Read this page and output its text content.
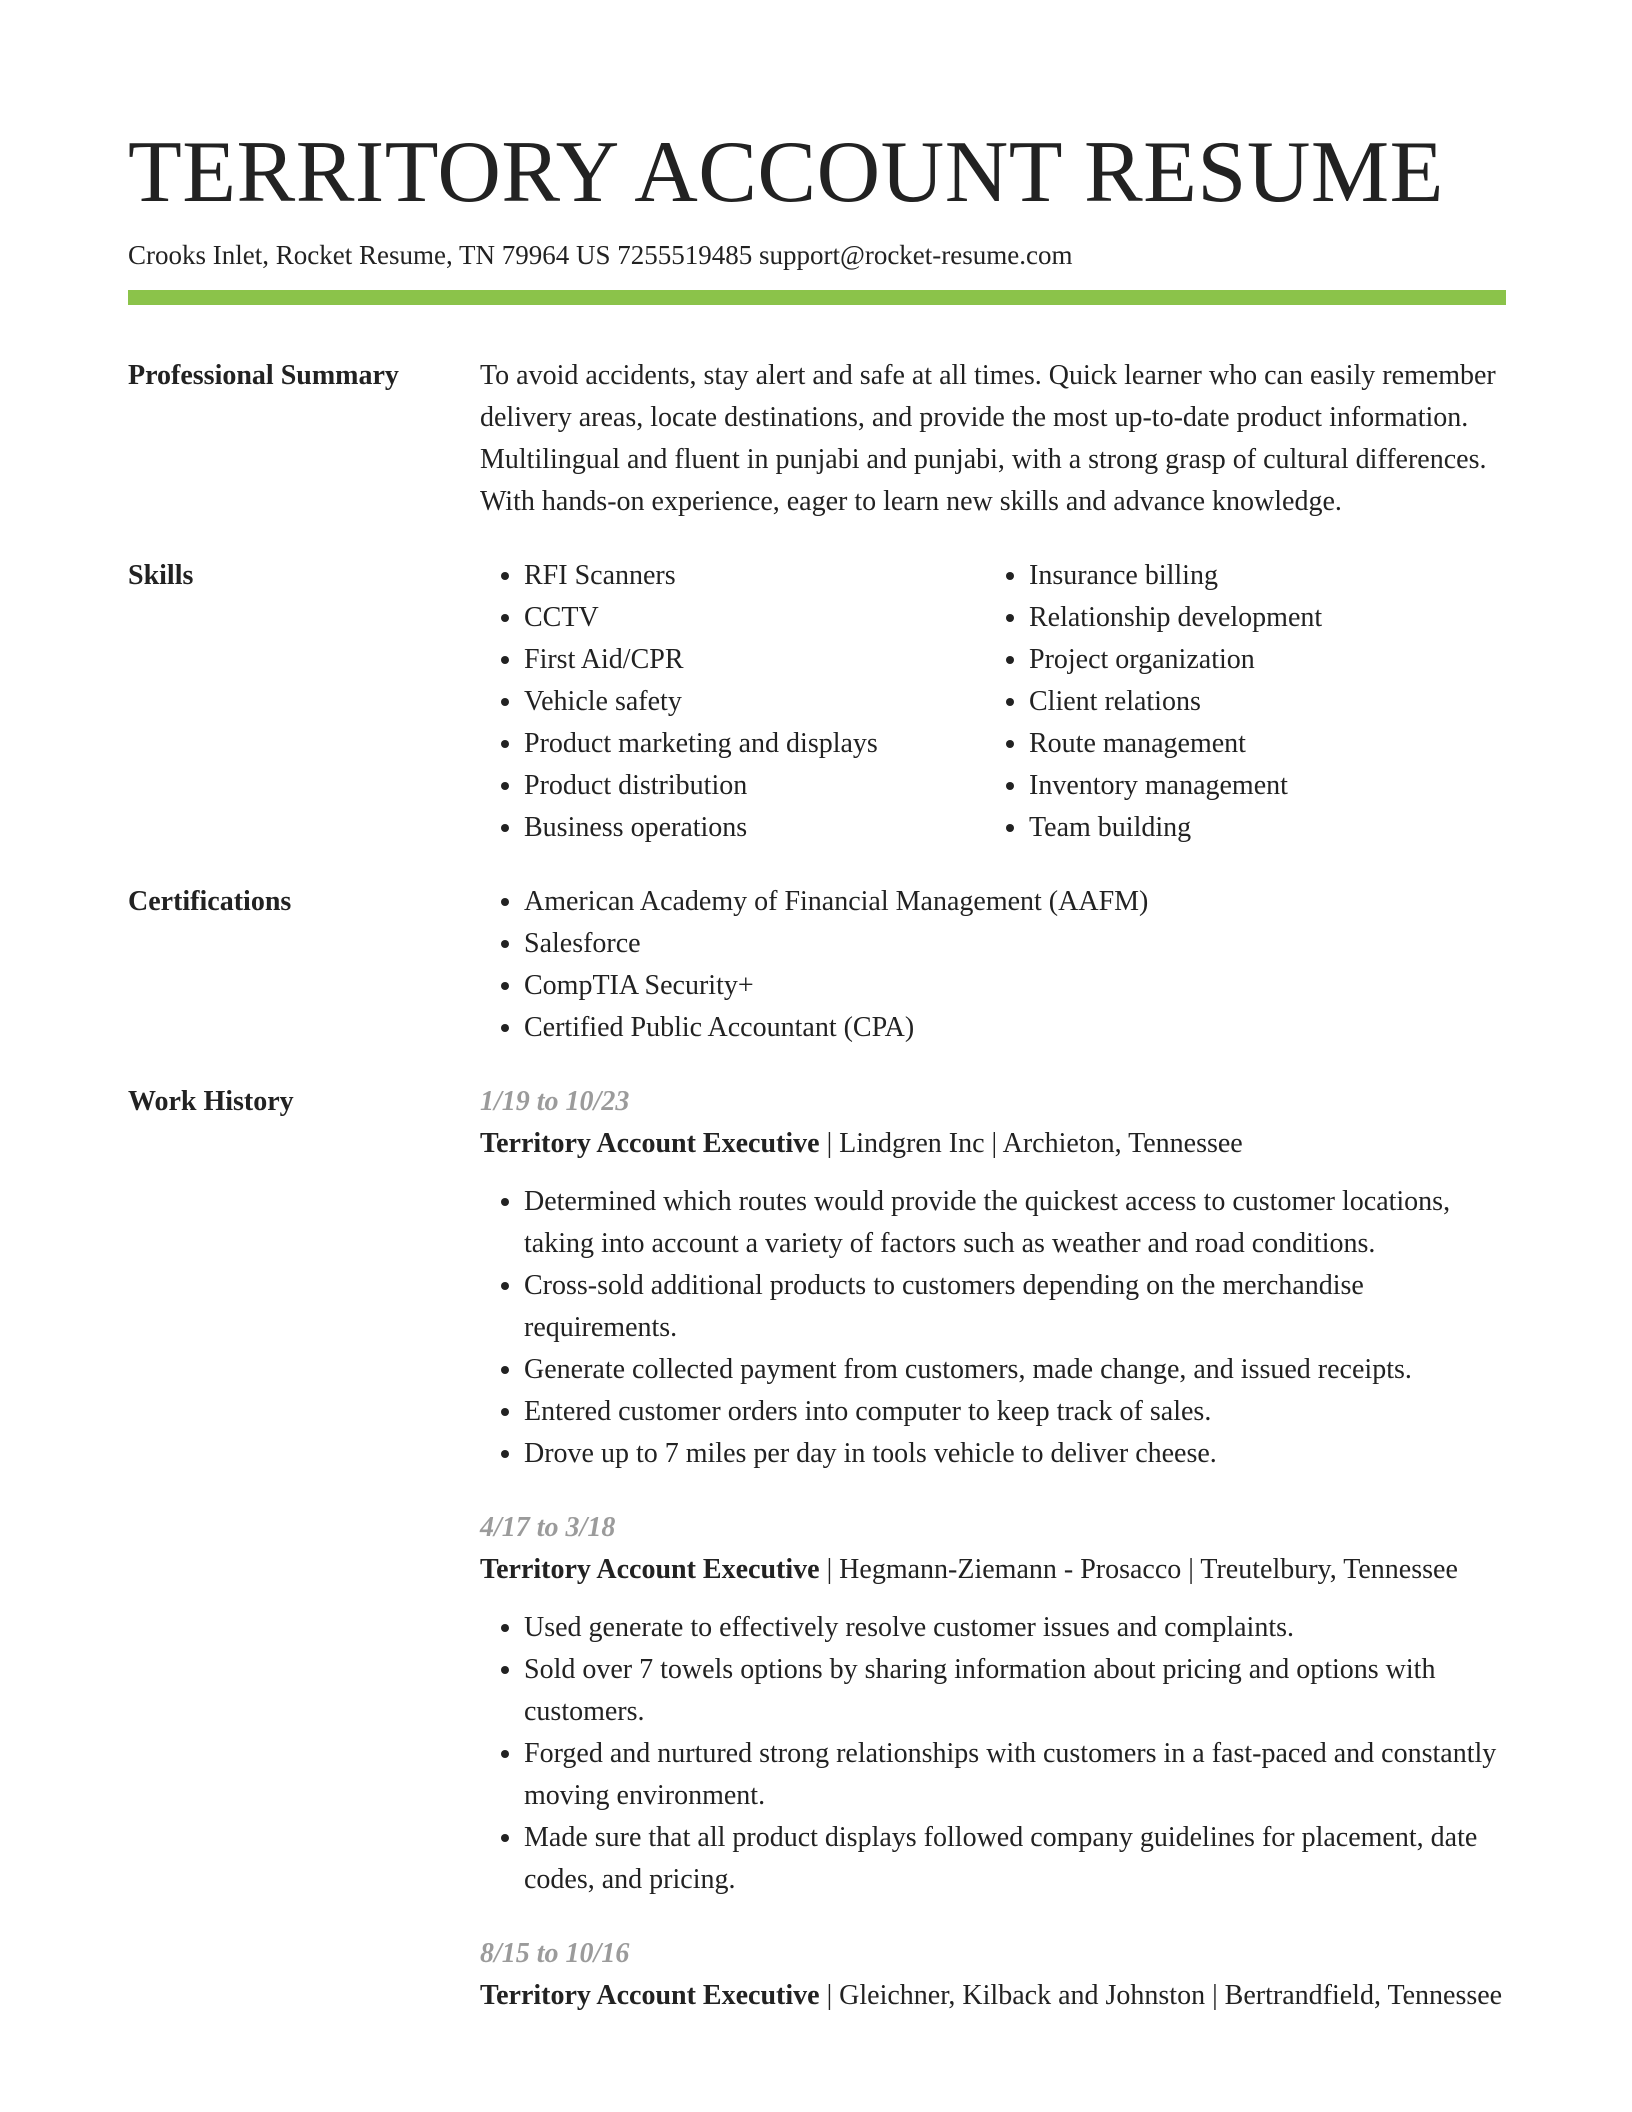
TERRITORY ACCOUNT RESUME
Crooks Inlet, Rocket Resume, TN 79964 US 7255519485 support@rocket-resume.com
Professional Summary	To avoid accidents, stay alert and safe at all times. Quick learner who can easily remember delivery areas, locate destinations, and provide the most up-to-date product information. Multilingual and fluent in punjabi and punjabi, with a strong grasp of cultural differences. With hands-on experience, eager to learn new skills and advance knowledge.
Skills	• RFI Scanners
• CCTV
• First Aid/CPR
• Vehicle safety
• Product marketing and displays
• Product distribution
• Business operations
• Insurance billing
• Relationship development
• Project organization
• Client relations
• Route management
• Inventory management
• Team building
Certifications	• American Academy of Financial Management (AAFM)
• Salesforce
• CompTIA Security+
• Certified Public Accountant (CPA)
Work History	1/19 to 10/23
Territory Account Executive | Lindgren Inc | Archieton, Tennessee
• Determined which routes would provide the quickest access to customer locations, taking into account a variety of factors such as weather and road conditions.
• Cross-sold additional products to customers depending on the merchandise requirements.
• Generate collected payment from customers, made change, and issued receipts.
• Entered customer orders into computer to keep track of sales.
• Drove up to 7 miles per day in tools vehicle to deliver cheese.
4/17 to 3/18
Territory Account Executive | Hegmann-Ziemann - Prosacco | Treutelbury, Tennessee
• Used generate to effectively resolve customer issues and complaints.
• Sold over 7 towels options by sharing information about pricing and options with customers.
• Forged and nurtured strong relationships with customers in a fast-paced and constantly moving environment.
• Made sure that all product displays followed company guidelines for placement, date codes, and pricing.
8/15 to 10/16
Territory Account Executive | Gleichner, Kilback and Johnston | Bertrandfield, Tennessee
